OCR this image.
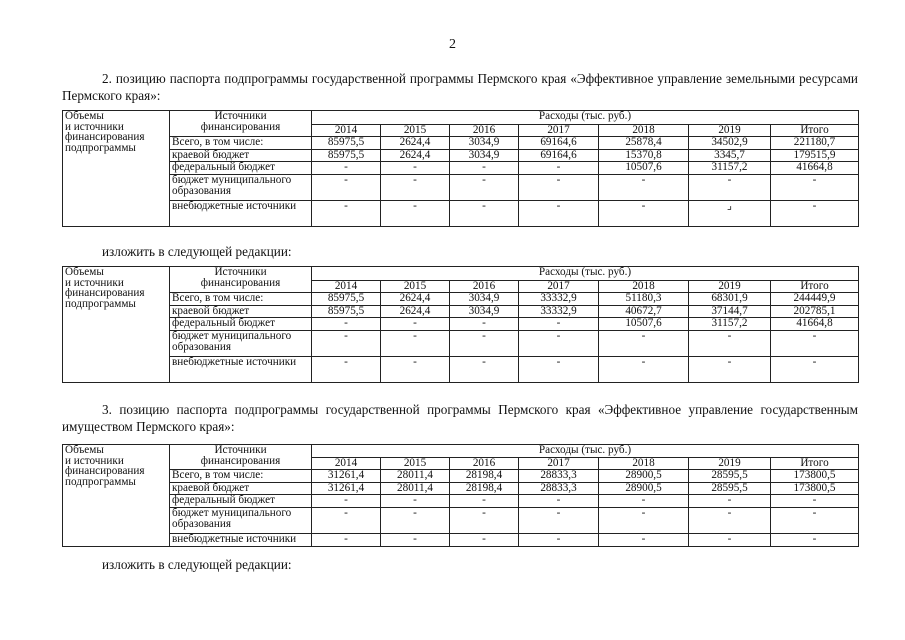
2
2. позицию паспорта подпрограммы государственной программы Пермского края «Эффективное управление земельными ресурсами Пермского края»:
Объемы
и источники
финансирования
подпрограммы	Источники
финансирования	Расходы (тыс. руб.)						
		2014	2015	2016	2017	2018	2019	Итого
	Всего, в том числе:	85975,5	2624,4	3034,9	69164,6	25878,4	34502,9	221180,7
	краевой бюджет	85975,5	2624,4	3034,9	69164,6	15370,8	3345,7	179515,9
	федеральный бюджет	-	-	-	-	10507,6	31157,2	41664,8
	бюджет муниципального образования	-	-	-	-	-	-	-
	внебюджетные источники	-	-	-	-	-	⌟	-
изложить в следующей редакции:
Объемы
и источники
финансирования
подпрограммы	Источники
финансирования	Расходы (тыс. руб.)						
		2014	2015	2016	2017	2018	2019	Итого
	Всего, в том числе:	85975,5	2624,4	3034,9	33332,9	51180,3	68301,9	244449,9
	краевой бюджет	85975,5	2624,4	3034,9	33332,9	40672,7	37144,7	202785,1
	федеральный бюджет	-	-	-	-	10507,6	31157,2	41664,8
	бюджет муниципального образования	-	-	-	-	-	-	-
	внебюджетные источники	-	-	-	-	-	-	-
3. позицию паспорта подпрограммы государственной программы Пермского края «Эффективное управление государственным имуществом Пермского края»:
Объемы
и источники
финансирования
подпрограммы	Источники
финансирования	Расходы (тыс. руб.)						
		2014	2015	2016	2017	2018	2019	Итого
	Всего, в том числе:	31261,4	28011,4	28198,4	28833,3	28900,5	28595,5	173800,5
	краевой бюджет	31261,4	28011,4	28198,4	28833,3	28900,5	28595,5	173800,5
	федеральный бюджет	-	-	-	-	-	-	-
	бюджет муниципального образования	-	-	-	-	-	-	-
	внебюджетные источники	-	-	-	-	-	-	-
изложить в следующей редакции:
